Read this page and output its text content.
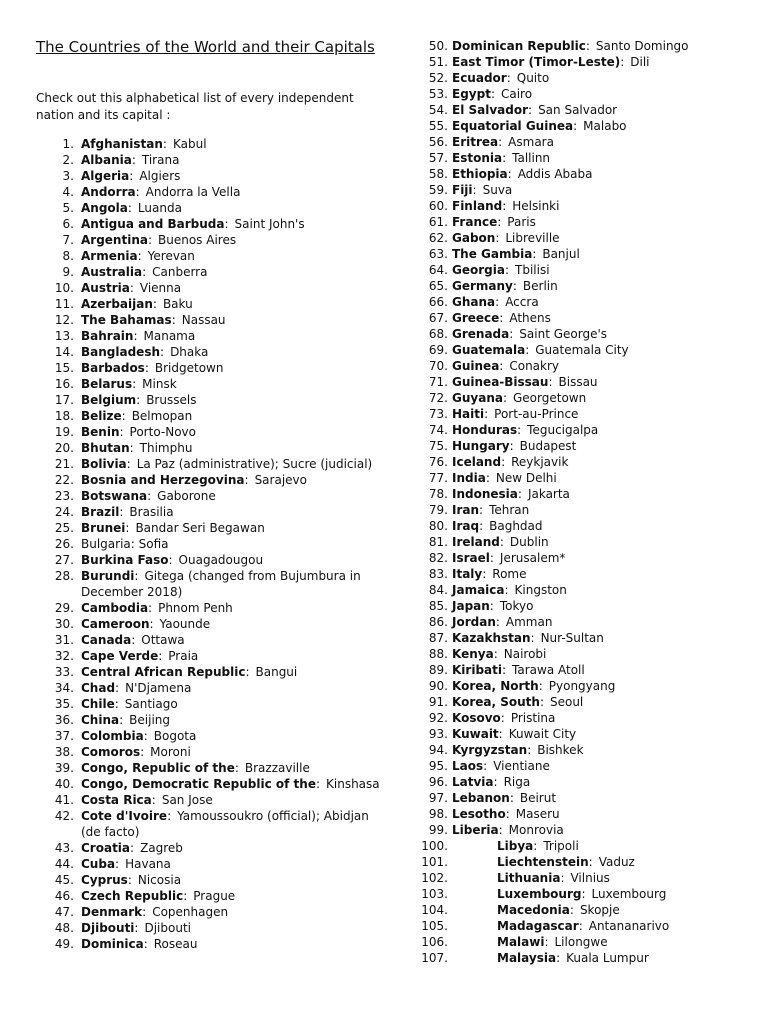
The Countries of the World and their Capitals

Check out this alphabetical list of every independent nation and its capital :

1. Afghanistan: Kabul
2. Albania: Tirana
3. Algeria: Algiers
4. Andorra: Andorra la Vella
5. Angola: Luanda
6. Antigua and Barbuda: Saint John's
7. Argentina: Buenos Aires
8. Armenia: Yerevan
9. Australia: Canberra
10. Austria: Vienna
11. Azerbaijan: Baku
12. The Bahamas: Nassau
13. Bahrain: Manama
14. Bangladesh: Dhaka
15. Barbados: Bridgetown
16. Belarus: Minsk
17. Belgium: Brussels
18. Belize: Belmopan
19. Benin: Porto-Novo
20. Bhutan: Thimphu
21. Bolivia: La Paz (administrative); Sucre (judicial)
22. Bosnia and Herzegovina: Sarajevo
23. Botswana: Gaborone
24. Brazil: Brasilia
25. Brunei: Bandar Seri Begawan
26. Bulgaria: Sofia
27. Burkina Faso: Ouagadougou
28. Burundi: Gitega (changed from Bujumbura in December 2018)
29. Cambodia: Phnom Penh
30. Cameroon: Yaounde
31. Canada: Ottawa
32. Cape Verde: Praia
33. Central African Republic: Bangui
34. Chad: N'Djamena
35. Chile: Santiago
36. China: Beijing
37. Colombia: Bogota
38. Comoros: Moroni
39. Congo, Republic of the: Brazzaville
40. Congo, Democratic Republic of the: Kinshasa
41. Costa Rica: San Jose
42. Cote d'Ivoire: Yamoussoukro (official); Abidjan (de facto)
43. Croatia: Zagreb
44. Cuba: Havana
45. Cyprus: Nicosia
46. Czech Republic: Prague
47. Denmark: Copenhagen
48. Djibouti: Djibouti
49. Dominica: Roseau
50. Dominican Republic: Santo Domingo
51. East Timor (Timor-Leste): Dili
52. Ecuador: Quito
53. Egypt: Cairo
54. El Salvador: San Salvador
55. Equatorial Guinea: Malabo
56. Eritrea: Asmara
57. Estonia: Tallinn
58. Ethiopia: Addis Ababa
59. Fiji: Suva
60. Finland: Helsinki
61. France: Paris
62. Gabon: Libreville
63. The Gambia: Banjul
64. Georgia: Tbilisi
65. Germany: Berlin
66. Ghana: Accra
67. Greece: Athens
68. Grenada: Saint George's
69. Guatemala: Guatemala City
70. Guinea: Conakry
71. Guinea-Bissau: Bissau
72. Guyana: Georgetown
73. Haiti: Port-au-Prince
74. Honduras: Tegucigalpa
75. Hungary: Budapest
76. Iceland: Reykjavik
77. India: New Delhi
78. Indonesia: Jakarta
79. Iran: Tehran
80. Iraq: Baghdad
81. Ireland: Dublin
82. Israel: Jerusalem*
83. Italy: Rome
84. Jamaica: Kingston
85. Japan: Tokyo
86. Jordan: Amman
87. Kazakhstan: Nur-Sultan
88. Kenya: Nairobi
89. Kiribati: Tarawa Atoll
90. Korea, North: Pyongyang
91. Korea, South: Seoul
92. Kosovo: Pristina
93. Kuwait: Kuwait City
94. Kyrgyzstan: Bishkek
95. Laos: Vientiane
96. Latvia: Riga
97. Lebanon: Beirut
98. Lesotho: Maseru
99. Liberia: Monrovia
100.	Libya: Tripoli
101.	Liechtenstein: Vaduz
102.	Lithuania: Vilnius
103.	Luxembourg: Luxembourg
104.	Macedonia: Skopje
105.	Madagascar: Antananarivo
106.	Malawi: Lilongwe
107.	Malaysia: Kuala Lumpur
